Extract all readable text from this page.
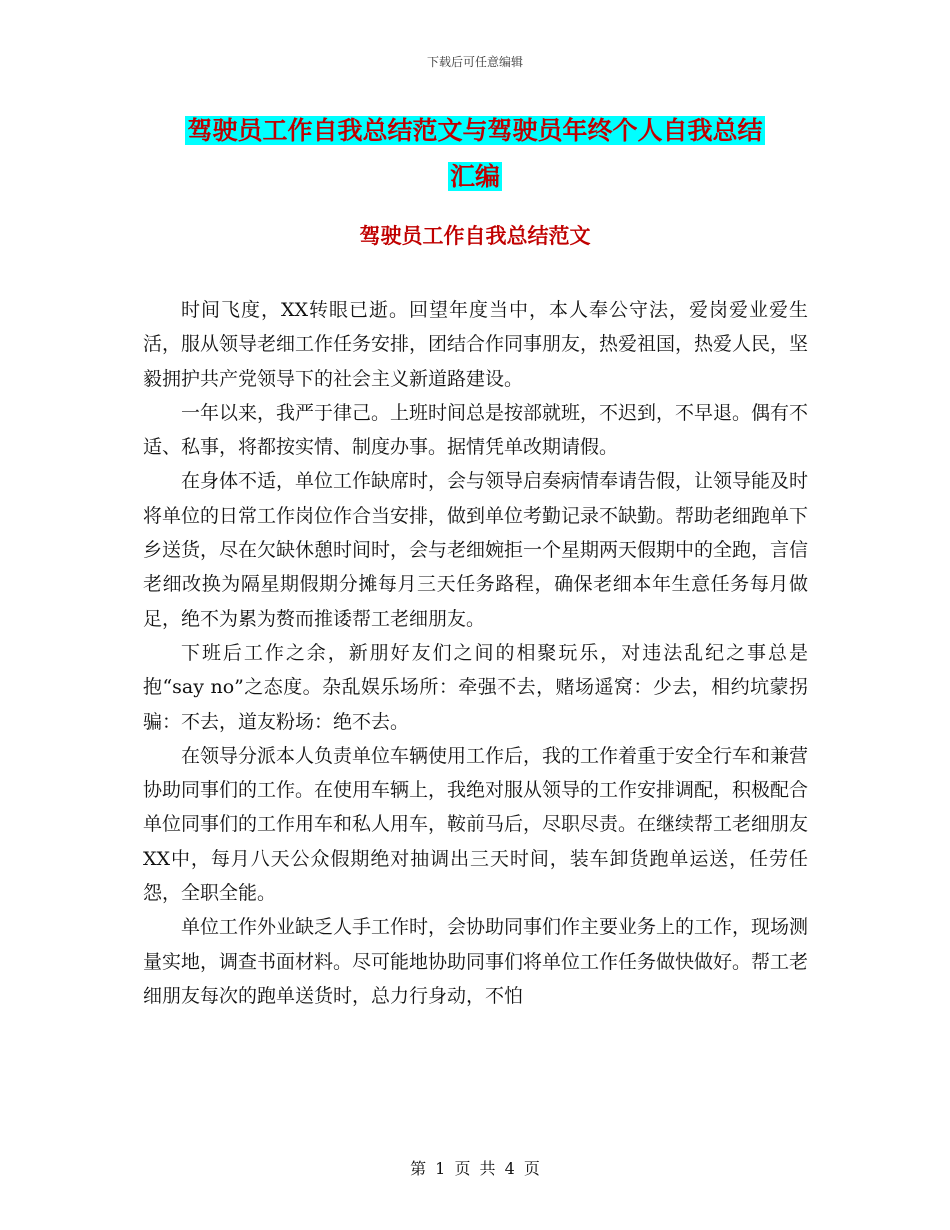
下载后可任意编辑
驾驶员工作自我总结范文与驾驶员年终个人自我总结
汇编
驾驶员工作自我总结范文

时间飞度，XX转眼已逝。回望年度当中，本人奉公守法，爱岗爱业爱生活，服从领导老细工作任务安排，团结合作同事朋友，热爱祖国，热爱人民，坚毅拥护共产党领导下的社会主义新道路建设。

一年以来，我严于律己。上班时间总是按部就班，不迟到，不早退。偶有不适、私事，将都按实情、制度办事。据情凭单改期请假。

在身体不适，单位工作缺席时，会与领导启奏病情奉请告假，让领导能及时将单位的日常工作岗位作合当安排，做到单位考勤记录不缺勤。帮助老细跑单下乡送货，尽在欠缺休憩时间时，会与老细婉拒一个星期两天假期中的全跑，言信老细改换为隔星期假期分摊每月三天任务路程，确保老细本年生意任务每月做足，绝不为累为赘而推诿帮工老细朋友。

下班后工作之余，新朋好友们之间的相聚玩乐，对违法乱纪之事总是抱“say no”之态度。杂乱娱乐场所：牵强不去，赌场遥窝：少去，相约坑蒙拐骗：不去，道友粉场：绝不去。

在领导分派本人负责单位车辆使用工作后，我的工作着重于安全行车和兼营协助同事们的工作。在使用车辆上，我绝对服从领导的工作安排调配，积极配合单位同事们的工作用车和私人用车，鞍前马后，尽职尽责。在继续帮工老细朋友XX中，每月八天公众假期绝对抽调出三天时间，装车卸货跑单运送，任劳任怨，全职全能。

单位工作外业缺乏人手工作时，会协助同事们作主要业务上的工作，现场测量实地，调查书面材料。尽可能地协助同事们将单位工作任务做快做好。帮工老细朋友每次的跑单送货时，总力行身动，不怕

第 1 页 共 4 页
